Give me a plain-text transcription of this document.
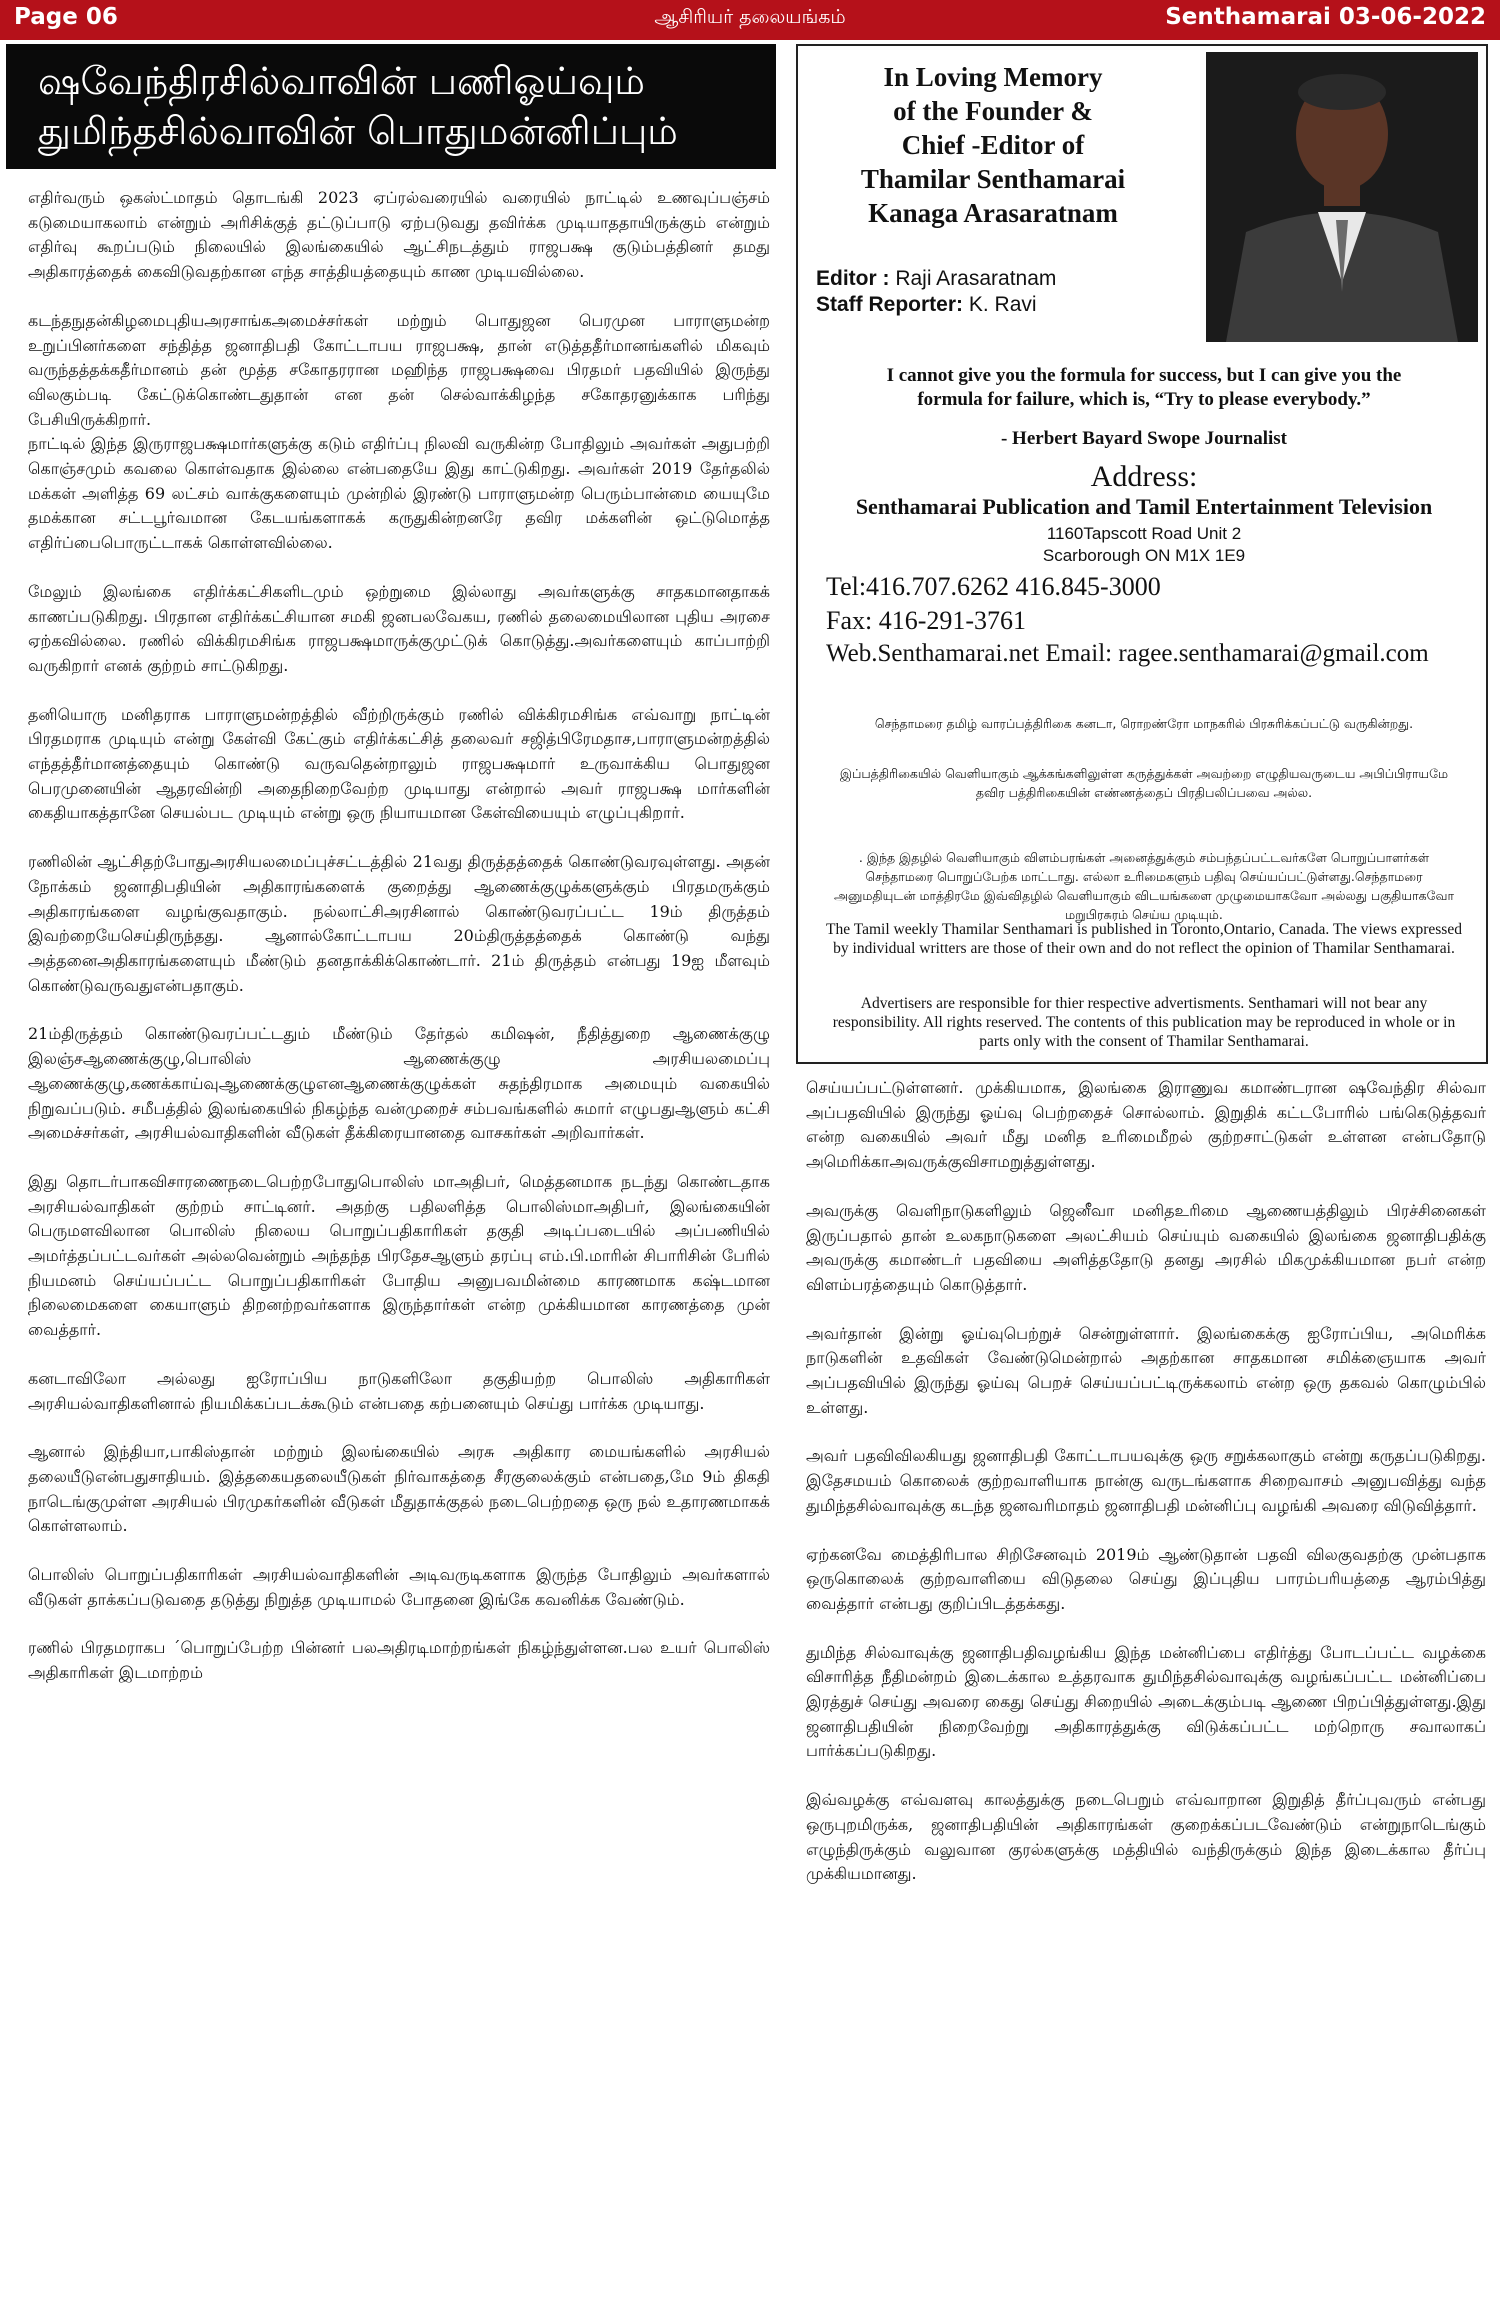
Page 06	ஆசிரியர் தலையங்கம்	Senthamarai 03-06-2022
ஷவேந்திரசில்வாவின் பணிஓய்வும்
துமிந்தசில்வாவின் பொதுமன்னிப்பும்

எதிர்வரும் ஒகஸ்ட்மாதம் தொடங்கி 2023 ஏப்ரல்வரையில் வரையில் நாட்டில் உணவுப்பஞ்சம் கடுமையாகலாம் என்றும் அரிசிக்குத் தட்டுப்பாடு ஏற்படுவது தவிர்க்க முடியாததாயிருக்கும் என்றும் எதிர்வு கூறப்படும் நிலையில் இலங்கையில் ஆட்சிநடத்தும் ராஜபக்ஷ குடும்பத்தினர் தமது அதிகாரத்தைக் கைவிடுவதற்கான எந்த சாத்தியத்தையும் காண முடியவில்லை.

கடந்தநுதன்கிழமைபுதியஅரசாங்கஅமைச்சர்கள் மற்றும் பொதுஜன பெரமுன பாராளுமன்ற உறுப்பினர்களை சந்தித்த ஜனாதிபதி கோட்டாபய ராஜபக்ஷ, தான் எடுத்ததீர்மானங்களில் மிகவும் வருந்தத்தக்கதீர்மானம் தன் மூத்த சகோதரரான மஹிந்த ராஜபக்ஷவை பிரதமர் பதவியில் இருந்து விலகும்படி கேட்டுக்கொண்டதுதான் என தன் செல்வாக்கிழந்த சகோதரனுக்காக பரிந்து பேசியிருக்கிறார்.

நாட்டில் இந்த இருராஜபக்ஷமார்களுக்கு கடும் எதிர்ப்பு நிலவி வருகின்ற போதிலும் அவர்கள் அதுபற்றி கொஞ்சமும் கவலை கொள்வதாக இல்லை என்பதையே இது காட்டுகிறது. அவர்கள் 2019 தேர்தலில் மக்கள் அளித்த 69 லட்சம் வாக்குகளையும் முன்றில் இரண்டு பாராளுமன்ற பெரும்பான்மை யையுமே தமக்கான சட்டபூர்வமான கேடயங்களாகக் கருதுகின்றனரே தவிர மக்களின் ஒட்டுமொத்த எதிர்ப்பைபொருட்டாகக் கொள்ளவில்லை.

மேலும் இலங்கை எதிர்க்கட்சிகளிடமும் ஒற்றுமை இல்லாது அவர்களுக்கு சாதகமானதாகக் காணப்படுகிறது. பிரதான எதிர்க்கட்சியான சமகி ஜனபலவேகய, ரணில் தலைமையிலான புதிய அரசை ஏற்கவில்லை. ரணில் விக்கிரமசிங்க ராஜபக்ஷமாருக்குமுட்டுக் கொடுத்து.அவர்களையும் காப்பாற்றி வருகிறார் எனக் குற்றம் சாட்டுகிறது.

தனியொரு மனிதராக பாராளுமன்றத்தில் வீற்றிருக்கும் ரணில் விக்கிரமசிங்க எவ்வாறு நாட்டின் பிரதமராக முடியும் என்று கேள்வி கேட்கும் எதிர்க்கட்சித் தலைவர் சஜித்பிரேமதாச,பாராளுமன்றத்தில் எந்தத்தீர்மானத்தையும் கொண்டு வருவதென்றாலும் ராஜபக்ஷமார் உருவாக்கிய பொதுஜன பெரமுனையின் ஆதரவின்றி அதைநிறைவேற்ற முடியாது என்றால் அவர் ராஜபக்ஷ மார்களின் கைதியாகத்தானே செயல்பட முடியும் என்று ஒரு நியாயமான கேள்வியையும் எழுப்புகிறார்.

ரணிலின் ஆட்சிதற்போதுஅரசியலமைப்புச்சட்டத்தில் 21வது திருத்தத்தைக் கொண்டுவரவுள்ளது. அதன் நோக்கம் ஜனாதிபதியின் அதிகாரங்களைக் குறைத்து ஆணைக்குழுக்களுக்கும் பிரதமருக்கும் அதிகாரங்களை வழங்குவதாகும். நல்லாட்சிஅரசினால் கொண்டுவரப்பட்ட 19ம் திருத்தம் இவற்றையேசெய்திருந்தது. ஆனால்கோட்டாபய 20ம்திருத்தத்தைக் கொண்டு வந்து அத்தனைஅதிகாரங்களையும் மீண்டும் தனதாக்கிக்கொண்டார். 21ம் திருத்தம் என்பது 19ஐ மீளவும் கொண்டுவருவதுஎன்பதாகும்.

21ம்திருத்தம் கொண்டுவரப்பட்டதும் மீண்டும் தேர்தல் கமிஷன், நீதித்துறை ஆணைக்குழு இலஞ்சஆணைக்குழு,பொலிஸ் ஆணைக்குழு அரசியலமைப்பு ஆணைக்குழு,கணக்காய்வுஆணைக்குழுஎனஆணைக்குழுக்கள் சுதந்திரமாக அமையும் வகையில் நிறுவப்படும். சமீபத்தில் இலங்கையில் நிகழ்ந்த வன்முறைச் சம்பவங்களில் சுமார் எழுபதுஆளும் கட்சி அமைச்சர்கள், அரசியல்வாதிகளின் வீடுகள் தீக்கிரையானதை வாசகர்கள் அறிவார்கள்.

இது தொடர்பாகவிசாரணைநடைபெற்றபோதுபொலிஸ் மாஅதிபர், மெத்தனமாக நடந்து கொண்டதாக அரசியல்வாதிகள் குற்றம் சாட்டினர். அதற்கு பதிலளித்த பொலிஸ்மாஅதிபர், இலங்கையின் பெருமளவிலான பொலிஸ் நிலைய பொறுப்பதிகாரிகள் தகுதி அடிப்படையில் அப்பணியில் அமர்த்தப்பட்டவர்கள் அல்லவென்றும் அந்தந்த பிரதேசஆளும் தரப்பு எம்.பி.மாரின் சிபாரிசின் பேரில் நியமனம் செய்யப்பட்ட பொறுப்பதிகாரிகள் போதிய அனுபவமின்மை காரணமாக கஷ்டமான நிலைமைகளை கையாளும் திறனற்றவர்களாக இருந்தார்கள் என்ற முக்கியமான காரணத்தை முன் வைத்தார்.

கனடாவிலோ அல்லது ஐரோப்பிய நாடுகளிலோ தகுதியற்ற பொலிஸ் அதிகாரிகள் அரசியல்வாதிகளினால் நியமிக்கப்படக்கூடும் என்பதை கற்பனையும் செய்து பார்க்க முடியாது.

ஆனால் இந்தியா,பாகிஸ்தான் மற்றும் இலங்கையில் அரசு அதிகார மையங்களில் அரசியல் தலையீடுஎன்பதுசாதியம். இத்தகையதலையீடுகள் நிர்வாகத்தை சீரகுலைக்கும் என்பதை,மே 9ம் திகதி நாடெங்குமுள்ள அரசியல் பிரமுகர்களின் வீடுகள் மீதுதாக்குதல் நடைபெற்றதை ஒரு நல் உதாரணமாகக் கொள்ளலாம்.

பொலிஸ் பொறுப்பதிகாரிகள் அரசியல்வாதிகளின் அடிவருடிகளாக இருந்த போதிலும் அவர்களால் வீடுகள் தாக்கப்படுவதை தடுத்து நிறுத்த முடியாமல் போதனை இங்கே கவனிக்க வேண்டும்.

ரணில் பிரதமராகப ´பொறுப்பேற்ற பின்னர் பலஅதிரடிமாற்றங்கள் நிகழ்ந்துள்ளன.பல உயர் பொலிஸ் அதிகாரிகள் இடமாற்றம்

In Loving Memory
of the Founder &
Chief -Editor of
Thamilar Senthamarai
Kanaga Arasaratnam
Editor : Raji Arasaratnam
Staff Reporter: K. Ravi
I cannot give you the formula for success, but I can give you the
formula for failure, which is, “Try to please everybody.”
- Herbert Bayard Swope Journalist
Address:
Senthamarai Publication and Tamil Entertainment Television
1160Tapscott Road Unit 2
Scarborough ON M1X 1E9
Tel:416.707.6262 416.845-3000
Fax: 416-291-3761
Web.Senthamarai.net Email: ragee.senthamarai@gmail.com
செந்தாமரை தமிழ் வாரப்பத்திரிகை கனடா, ரொறண்ரோ மாநகரில் பிரசுரிக்கப்பட்டு வருகின்றது.
இப்பத்திரிகையில் வெளியாகும் ஆக்கங்களிலுள்ள கருத்துக்கள் அவற்றை எழுதியவருடைய அபிப்பிராயமே தவிர பத்திரிகையின் எண்ணத்தைப் பிரதிபலிப்பவை அல்ல.
. இந்த இதழில் வெளியாகும் விளம்பரங்கள் அனைத்துக்கும் சம்பந்தப்பட்டவர்களே பொறுப்பாளர்கள் செந்தாமரை பொறுப்பேற்க மாட்டாது. எல்லா உரிமைகளும் பதிவு செய்யப்பட்டுள்ளது.செந்தாமரை அனுமதியுடன் மாத்திரமே இவ்விதழில் வெளியாகும் விடயங்களை முழுமையாகவோ அல்லது பகுதியாகவோ மறுபிரசுரம் செய்ய முடியும்.
The Tamil weekly Thamilar Senthamari is published in Toronto,Ontario, Canada. The views expressed by individual writters are those of their own and do not reflect the opinion of Thamilar Senthamarai.
Advertisers are responsible for thier respective advertisments. Senthamari will not bear any responsibility. All rights reserved. The contents of this publication may be reproduced in whole or in parts only with the consent of Thamilar Senthamarai.

செய்யப்பட்டுள்ளனர். முக்கியமாக, இலங்கை இராணுவ கமாண்டரான ஷவேந்திர சில்வா அப்பதவியில் இருந்து ஓய்வு பெற்றதைச் சொல்லாம். இறுதிக் கட்டபோரில் பங்கெடுத்தவர் என்ற வகையில் அவர் மீது மனித உரிமைமீறல் குற்றசாட்டுகள் உள்ளன என்பதோடு அமெரிக்காஅவருக்குவிசாமறுத்துள்ளது.

அவருக்கு வெளிநாடுகளிலும் ஜெனீவா மனிதஉரிமை ஆணையத்திலும் பிரச்சினைகள் இருப்பதால் தான் உலகநாடுகளை அலட்சியம் செய்யும் வகையில் இலங்கை ஜனாதிபதிக்கு அவருக்கு கமாண்டர் பதவியை அளித்ததோடு தனது அரசில் மிகமுக்கியமான நபர் என்ற விளம்பரத்தையும் கொடுத்தார்.

அவர்தான் இன்று ஓய்வுபெற்றுச் சென்றுள்ளார். இலங்கைக்கு ஐரோப்பிய, அமெரிக்க நாடுகளின் உதவிகள் வேண்டுமென்றால் அதற்கான சாதகமான சமிக்ஞையாக அவர் அப்பதவியில் இருந்து ஓய்வு பெறச் செய்யப்பட்டிருக்கலாம் என்ற ஒரு தகவல் கொழும்பில் உள்ளது.

அவர் பதவிவிலகியது ஜனாதிபதி கோட்டாபயவுக்கு ஒரு சறுக்கலாகும் என்று கருதப்படுகிறது. இதேசமயம் கொலைக் குற்றவாளியாக நான்கு வருடங்களாக சிறைவாசம் அனுபவித்து வந்த துமிந்தசில்வாவுக்கு கடந்த ஜனவரிமாதம் ஜனாதிபதி மன்னிப்பு வழங்கி அவரை விடுவித்தார்.

ஏற்கனவே மைத்திரிபால சிறிசேனவும் 2019ம் ஆண்டுதான் பதவி விலகுவதற்கு முன்பதாக ஒருகொலைக் குற்றவாளியை விடுதலை செய்து இப்புதிய பாரம்பரியத்தை ஆரம்பித்து வைத்தார் என்பது குறிப்பிடத்தக்கது.

துமிந்த சில்வாவுக்கு ஜனாதிபதிவழங்கிய இந்த மன்னிப்பை எதிர்த்து போடப்பட்ட வழக்கை விசாரித்த நீதிமன்றம் இடைக்கால உத்தரவாக துமிந்தசில்வாவுக்கு வழங்கப்பட்ட மன்னிப்பை இரத்துச் செய்து அவரை கைது செய்து சிறையில் அடைக்கும்படி ஆணை பிறப்பித்துள்ளது.இது ஜனாதிபதியின் நிறைவேற்று அதிகாரத்துக்கு விடுக்கப்பட்ட மற்றொரு சவாலாகப் பார்க்கப்படுகிறது.

இவ்வழக்கு எவ்வளவு காலத்துக்கு நடைபெறும் எவ்வாறான இறுதித் தீர்ப்புவரும் என்பது ஒருபுறமிருக்க, ஜனாதிபதியின் அதிகாரங்கள் குறைக்கப்படவேண்டும் என்றுநாடெங்கும் எழுந்திருக்கும் வலுவான குரல்களுக்கு மத்தியில் வந்திருக்கும் இந்த இடைக்கால தீர்ப்பு முக்கியமானது.
